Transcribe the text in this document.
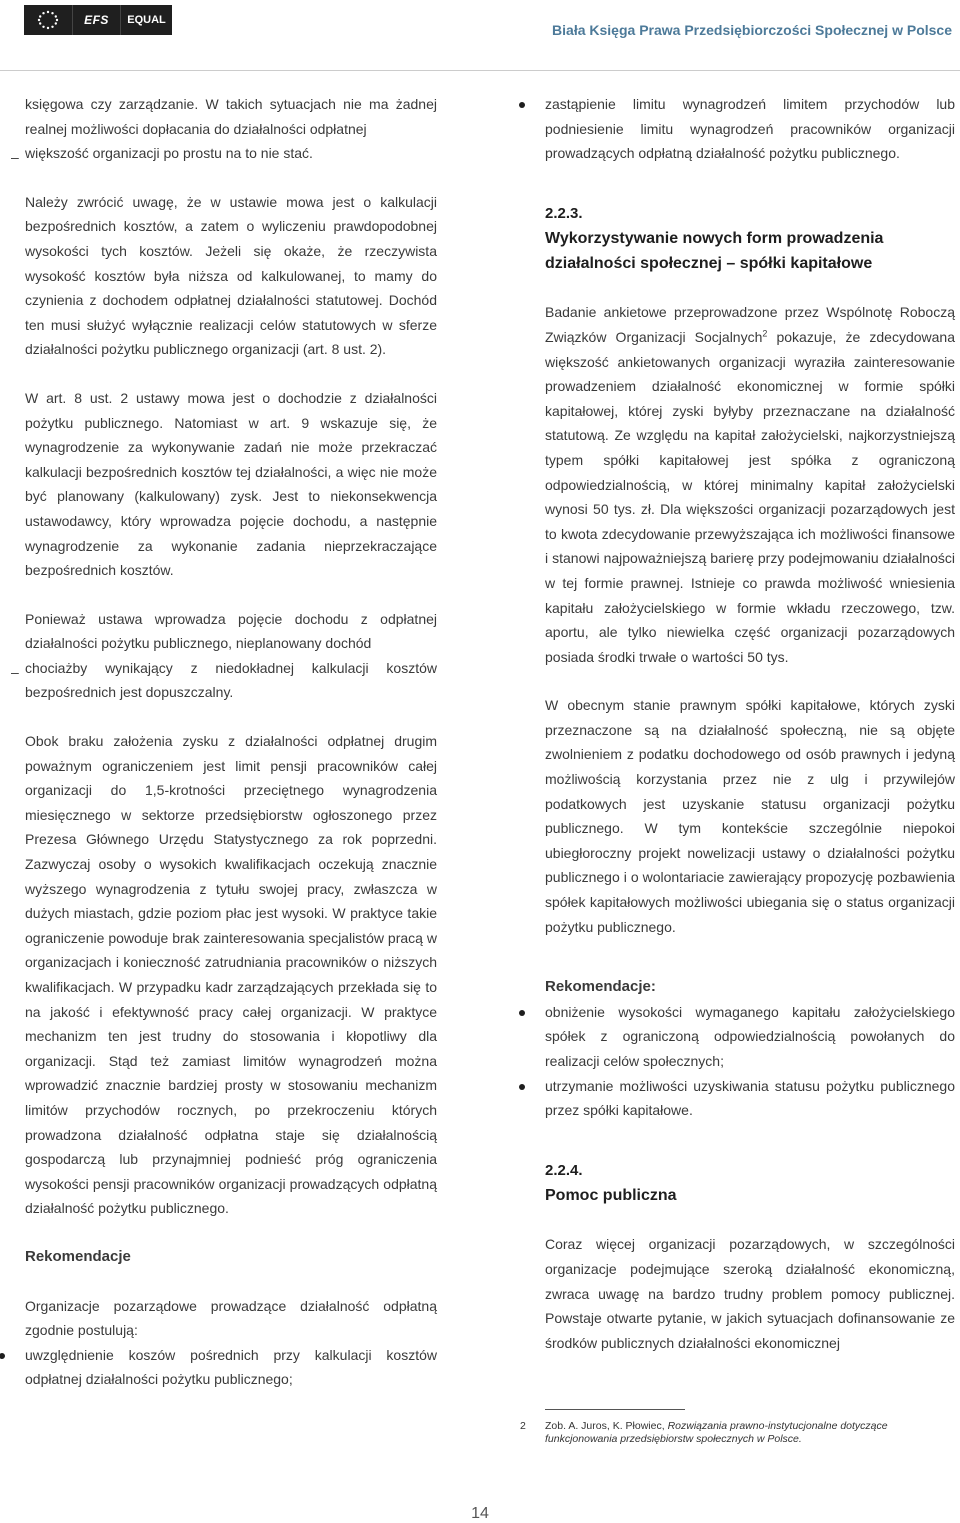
EFS	EQUAL
Biała Księga Prawa Przedsiębiorczości Społecznej w Polsce

księgowa czy zarządzanie. W takich sytuacjach nie ma żadnej realnej możliwości dopłacania do działalności odpłatnej

– większość organizacji po prostu na to nie stać.

Należy zwrócić uwagę, że w ustawie mowa jest o kalkulacji bezpośrednich kosztów, a zatem o wyliczeniu prawdopodobnej wysokości tych kosztów. Jeżeli się okaże, że rzeczywista wysokość kosztów była niższa od kalkulowanej, to mamy do czynienia z dochodem odpłatnej działalności statutowej. Dochód ten musi służyć wyłącznie realizacji celów statutowych w sferze działalności pożytku publicznego organizacji (art. 8 ust. 2).

W art. 8 ust. 2 ustawy mowa jest o dochodzie z działalności pożytku publicznego. Natomiast w art. 9 wskazuje się, że wynagrodzenie za wykonywanie zadań nie może przekraczać kalkulacji bezpośrednich kosztów tej działalności, a więc nie może być planowany (kalkulowany) zysk. Jest to niekonsekwencja ustawodawcy, który wprowadza pojęcie dochodu, a następnie wynagrodzenie za wykonanie zadania nieprzekraczające bezpośrednich kosztów.

Ponieważ ustawa wprowadza pojęcie dochodu z odpłatnej działalności pożytku publicznego, nieplanowany dochód

– chociażby wynikający z niedokładnej kalkulacji kosztów bezpośrednich jest dopuszczalny.

Obok braku założenia zysku z działalności odpłatnej drugim poważnym ograniczeniem jest limit pensji pracowników całej organizacji do 1,5-krotności przeciętnego wynagrodzenia miesięcznego w sektorze przedsiębiorstw ogłoszonego przez Prezesa Głównego Urzędu Statystycznego za rok poprzedni. Zazwyczaj osoby o wysokich kwalifikacjach oczekują znacznie wyższego wynagrodzenia z tytułu swojej pracy, zwłaszcza w dużych miastach, gdzie poziom płac jest wysoki. W praktyce takie ograniczenie powoduje brak zainteresowania specjalistów pracą w organizacjach i konieczność zatrudniania pracowników o niższych kwalifikacjach. W przypadku kadr zarządzających przekłada się to na jakość i efektywność pracy całej organizacji. W praktyce mechanizm ten jest trudny do stosowania i kłopotliwy dla organizacji. Stąd też zamiast limitów wynagrodzeń można wprowadzić znacznie bardziej prosty w stosowaniu mechanizm limitów przychodów rocznych, po przekroczeniu których prowadzona działalność odpłatna staje się działalnością gospodarczą lub przynajmniej podnieść próg ograniczenia wysokości pensji pracowników organizacji prowadzących odpłatną działalność pożytku publicznego.

Rekomendacje

Organizacje pozarządowe prowadzące działalność odpłatną zgodnie postulują:

uwzględnienie koszów pośrednich przy kalkulacji kosztów odpłatnej działalności pożytku publicznego;
zastąpienie limitu wynagrodzeń limitem przychodów lub podniesienie limitu wynagrodzeń pracowników organizacji prowadzących odpłatną działalność pożytku publicznego.
2.2.3.
Wykorzystywanie nowych form prowadzenia działalności społecznej – spółki kapitałowe

Badanie ankietowe przeprowadzone przez Wspólnotę Roboczą Związków Organizacji Socjalnych$^2$ pokazuje, że zdecydowana większość ankietowanych organizacji wyraziła zainteresowanie prowadzeniem działalność ekonomicznej w formie spółki kapitałowej, której zyski byłyby przeznaczane na działalność statutową. Ze względu na kapitał założycielski, najkorzystniejszą typem spółki kapitałowej jest spółka z ograniczoną odpowiedzialnością, w której minimalny kapitał założycielski wynosi 50 tys. zł. Dla większości organizacji pozarządowych jest to kwota zdecydowanie przewyższająca ich możliwości finansowe i stanowi najpoważniejszą barierę przy podejmowaniu działalności w tej formie prawnej. Istnieje co prawda możliwość wniesienia kapitału założycielskiego w formie wkładu rzeczowego, tzw. aportu, ale tylko niewielka część organizacji pozarządowych posiada środki trwałe o wartości 50 tys.

W obecnym stanie prawnym spółki kapitałowe, których zyski przeznaczone są na działalność społeczną, nie są objęte zwolnieniem z podatku dochodowego od osób prawnych i jedyną możliwością korzystania przez nie z ulg i przywilejów podatkowych jest uzyskanie statusu organizacji pożytku publicznego. W tym kontekście szczególnie niepokoi ubiegłoroczny projekt nowelizacji ustawy o działalności pożytku publicznego i o wolontariacie zawierający propozycję pozbawienia spółek kapitałowych możliwości ubiegania się o status organizacji pożytku publicznego.

Rekomendacje:
obniżenie wysokości wymaganego kapitału założycielskiego spółek z ograniczoną odpowiedzialnością powołanych do realizacji celów społecznych;
utrzymanie możliwości uzyskiwania statusu pożytku publicznego przez spółki kapitałowe.
2.2.4.
Pomoc publiczna

Coraz więcej organizacji pozarządowych, w szczególności organizacje podejmujące szeroką działalność ekonomiczną, zwraca uwagę na bardzo trudny problem pomocy publicznej. Powstaje otwarte pytanie, w jakich sytuacjach dofinansowanie ze środków publicznych działalności ekonomicznej

2 Zob. A. Juros, K. Płowiec, Rozwiązania prawno-instytucjonalne dotyczące funkcjonowania przedsiębiorstw społecznych w Polsce.
14
